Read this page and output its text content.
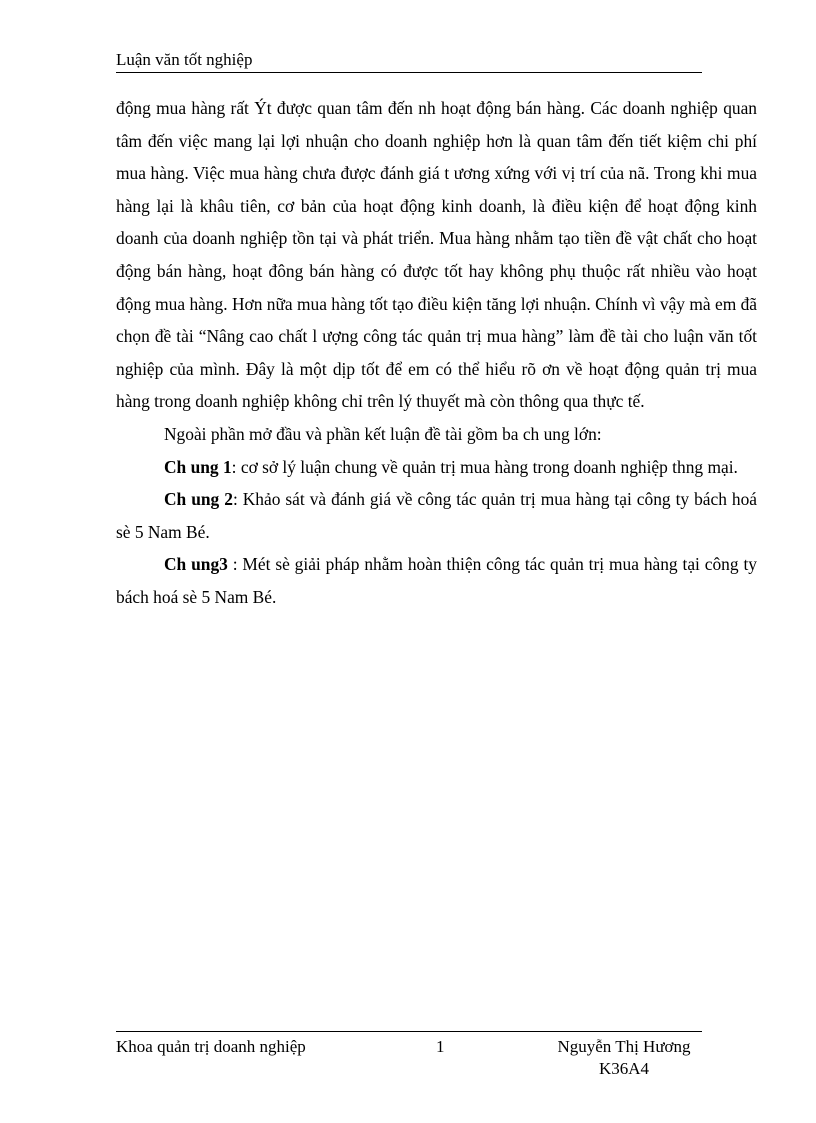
Luận văn tốt nghiệp

động mua hàng rất Ýt được quan tâm đến nh hoạt động bán hàng. Các doanh nghiệp quan tâm đến việc mang lại lợi nhuận cho doanh nghiệp hơn là quan tâm đến tiết kiệm chi phí mua hàng. Việc mua hàng chưa được đánh giá t ương xứng với vị trí của nã. Trong khi mua hàng lại là khâu tiên, cơ bản của hoạt động kinh doanh, là điều kiện để hoạt động kinh doanh của doanh nghiệp tồn tại và phát triển. Mua hàng nhằm tạo tiền đề vật chất cho hoạt động bán hàng, hoạt đông bán hàng có được tốt hay không phụ thuộc rất nhiều vào hoạt động mua hàng. Hơn nữa mua hàng tốt tạo điều kiện tăng lợi nhuận. Chính vì vậy mà em đã chọn đề tài “Nâng cao chất l ượng công tác quản trị mua hàng” làm đề tài cho luận văn tốt nghiệp của mình. Đây là một dịp tốt để em có thể hiểu rõ ơn về hoạt động quản trị mua hàng trong doanh nghiệp không chỉ trên lý thuyết mà còn thông qua thực tế.

Ngoài phần mở đầu và phần kết luận đề tài gồm ba ch ung lớn:

Ch ung 1: cơ sở lý luận chung về quản trị mua hàng trong doanh nghiệp thng mại.

Ch ung 2: Khảo sát và đánh giá về công tác quản trị mua hàng tại công ty bách hoá sè 5 Nam Bé.

Ch ung3 : Mét sè giải pháp nhằm hoàn thiện công tác quản trị mua hàng tại công ty bách hoá sè 5 Nam Bé.

Khoa quản trị doanh nghiệp	1	Nguyễn Thị Hương
K36A4
